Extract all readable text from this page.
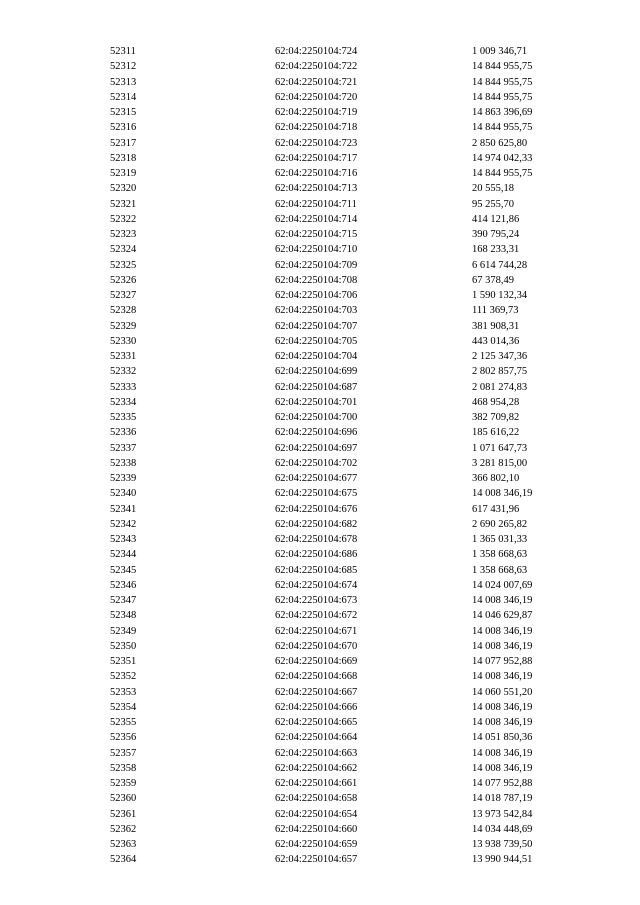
52311	62:04:2250104:724	1 009 346,71
52312	62:04:2250104:722	14 844 955,75
52313	62:04:2250104:721	14 844 955,75
52314	62:04:2250104:720	14 844 955,75
52315	62:04:2250104:719	14 863 396,69
52316	62:04:2250104:718	14 844 955,75
52317	62:04:2250104:723	2 850 625,80
52318	62:04:2250104:717	14 974 042,33
52319	62:04:2250104:716	14 844 955,75
52320	62:04:2250104:713	20 555,18
52321	62:04:2250104:711	95 255,70
52322	62:04:2250104:714	414 121,86
52323	62:04:2250104:715	390 795,24
52324	62:04:2250104:710	168 233,31
52325	62:04:2250104:709	6 614 744,28
52326	62:04:2250104:708	67 378,49
52327	62:04:2250104:706	1 590 132,34
52328	62:04:2250104:703	111 369,73
52329	62:04:2250104:707	381 908,31
52330	62:04:2250104:705	443 014,36
52331	62:04:2250104:704	2 125 347,36
52332	62:04:2250104:699	2 802 857,75
52333	62:04:2250104:687	2 081 274,83
52334	62:04:2250104:701	468 954,28
52335	62:04:2250104:700	382 709,82
52336	62:04:2250104:696	185 616,22
52337	62:04:2250104:697	1 071 647,73
52338	62:04:2250104:702	3 281 815,00
52339	62:04:2250104:677	366 802,10
52340	62:04:2250104:675	14 008 346,19
52341	62:04:2250104:676	617 431,96
52342	62:04:2250104:682	2 690 265,82
52343	62:04:2250104:678	1 365 031,33
52344	62:04:2250104:686	1 358 668,63
52345	62:04:2250104:685	1 358 668,63
52346	62:04:2250104:674	14 024 007,69
52347	62:04:2250104:673	14 008 346,19
52348	62:04:2250104:672	14 046 629,87
52349	62:04:2250104:671	14 008 346,19
52350	62:04:2250104:670	14 008 346,19
52351	62:04:2250104:669	14 077 952,88
52352	62:04:2250104:668	14 008 346,19
52353	62:04:2250104:667	14 060 551,20
52354	62:04:2250104:666	14 008 346,19
52355	62:04:2250104:665	14 008 346,19
52356	62:04:2250104:664	14 051 850,36
52357	62:04:2250104:663	14 008 346,19
52358	62:04:2250104:662	14 008 346,19
52359	62:04:2250104:661	14 077 952,88
52360	62:04:2250104:658	14 018 787,19
52361	62:04:2250104:654	13 973 542,84
52362	62:04:2250104:660	14 034 448,69
52363	62:04:2250104:659	13 938 739,50
52364	62:04:2250104:657	13 990 944,51
